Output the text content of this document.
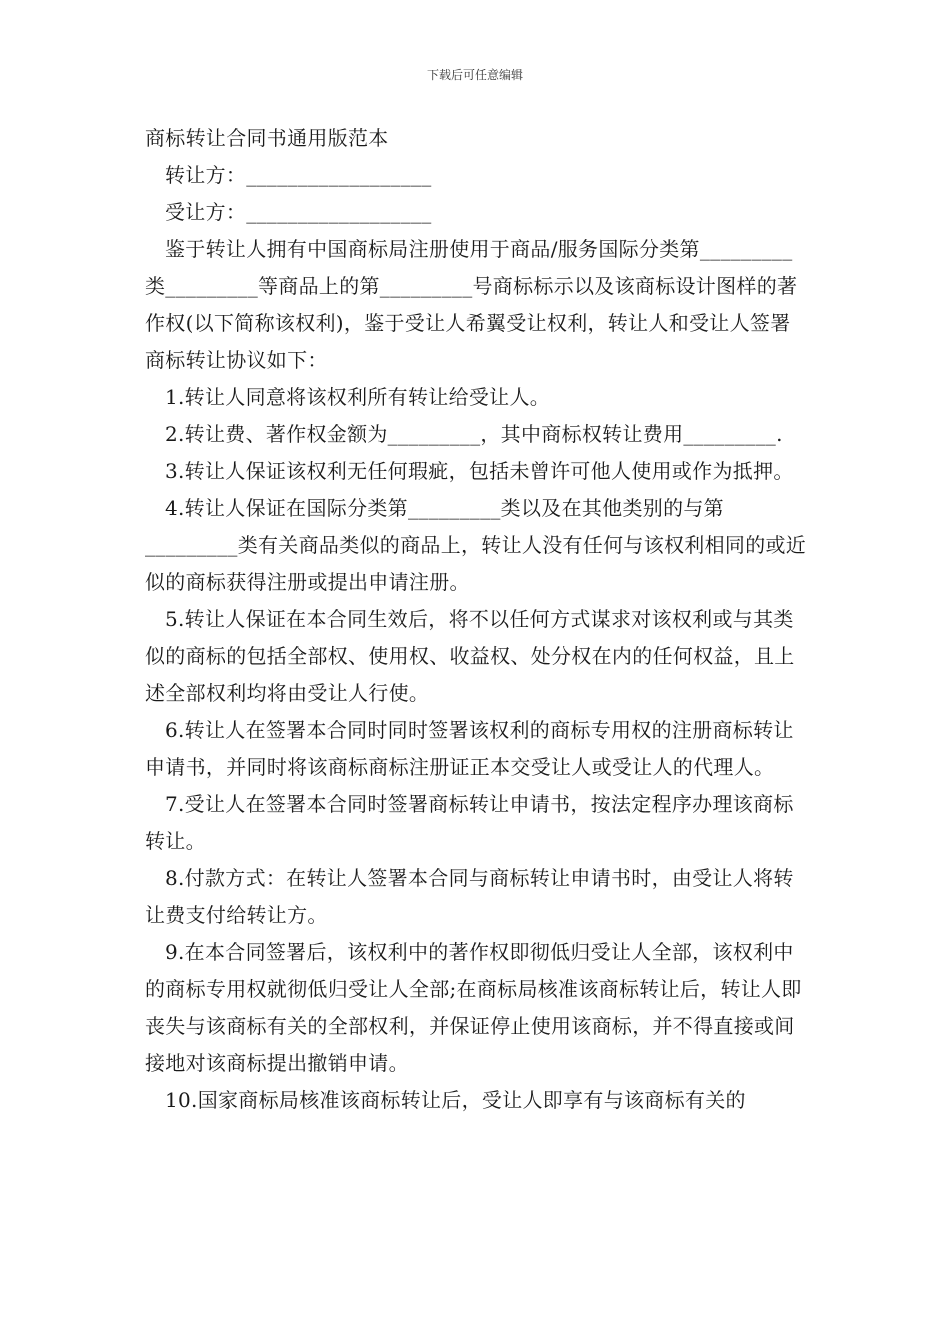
下载后可任意编辑

商标转让合同书通用版范本

转让方：__________________

受让方：__________________

鉴于转让人拥有中国商标局注册使用于商品/服务国际分类第_________类_________等商品上的第_________号商标标示以及该商标设计图样的著作权(以下简称该权利)，鉴于受让人希翼受让权利，转让人和受让人签署商标转让协议如下：

1.转让人同意将该权利所有转让给受让人。

2.转让费、著作权金额为_________，其中商标权转让费用_________.

3.转让人保证该权利无任何瑕疵，包括未曾许可他人使用或作为抵押。

4.转让人保证在国际分类第_________类以及在其他类别的与第_________类有关商品类似的商品上，转让人没有任何与该权利相同的或近似的商标获得注册或提出申请注册。

5.转让人保证在本合同生效后，将不以任何方式谋求对该权利或与其类似的商标的包括全部权、使用权、收益权、处分权在内的任何权益，且上述全部权利均将由受让人行使。

6.转让人在签署本合同时同时签署该权利的商标专用权的注册商标转让申请书，并同时将该商标商标注册证正本交受让人或受让人的代理人。

7.受让人在签署本合同时签署商标转让申请书，按法定程序办理该商标转让。

8.付款方式：在转让人签署本合同与商标转让申请书时，由受让人将转让费支付给转让方。

9.在本合同签署后，该权利中的著作权即彻低归受让人全部，该权利中的商标专用权就彻低归受让人全部;在商标局核准该商标转让后，转让人即丧失与该商标有关的全部权利，并保证停止使用该商标，并不得直接或间接地对该商标提出撤销申请。

10.国家商标局核准该商标转让后，受让人即享有与该商标有关的
